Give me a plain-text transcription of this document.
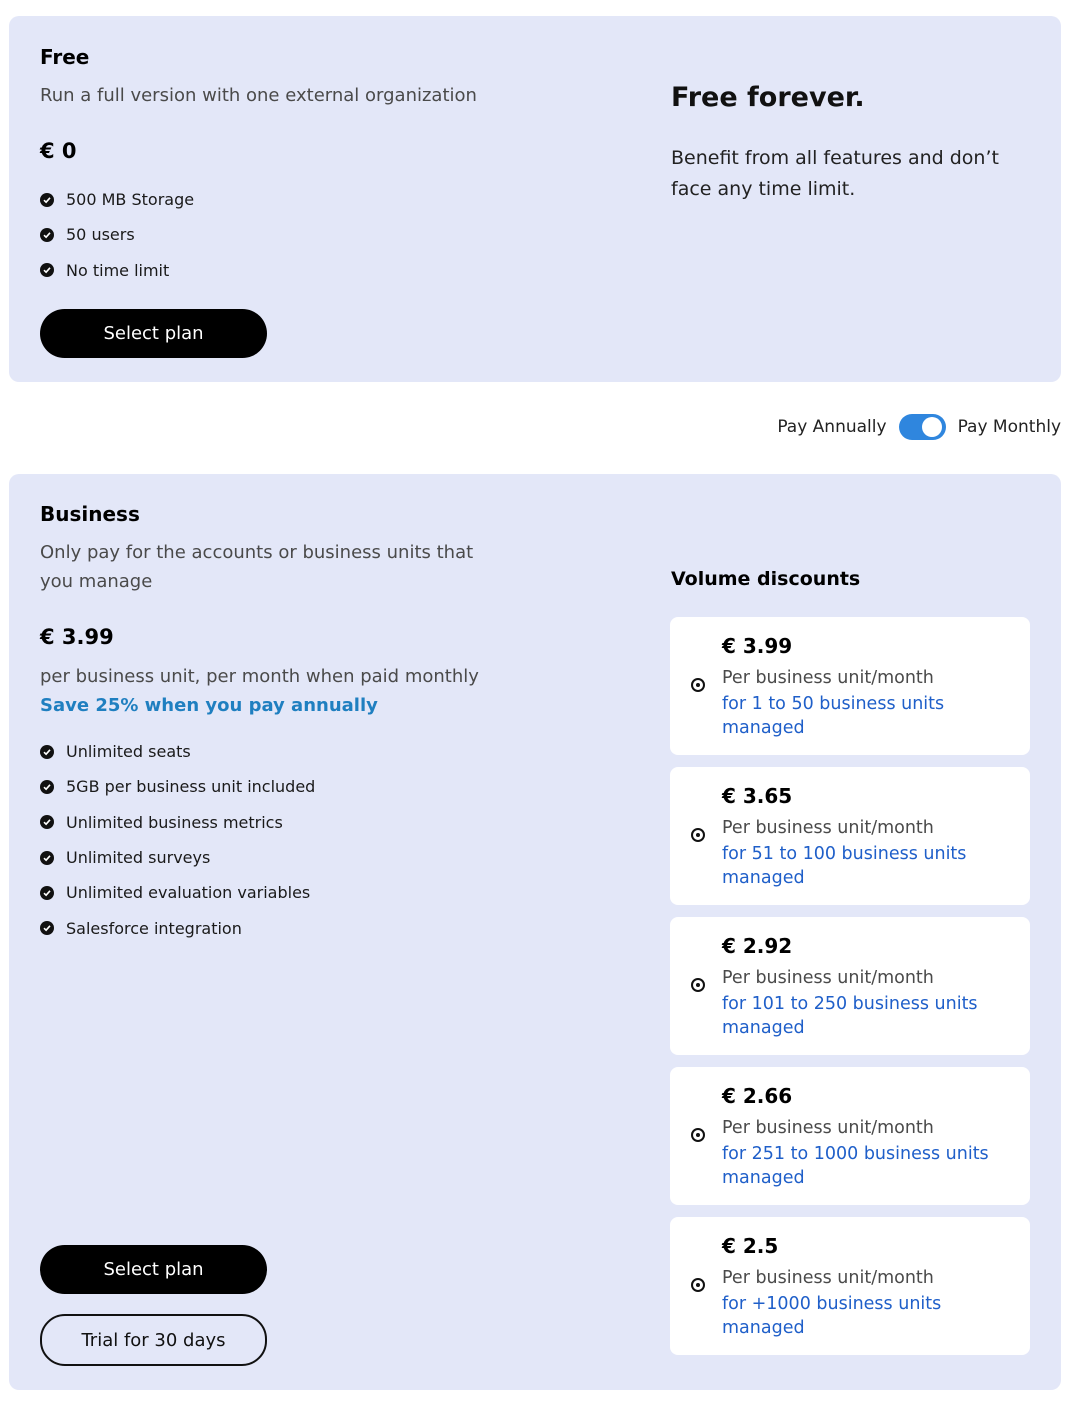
Free
Run a full version with one external organization
€ 0
500 MB Storage
50 users
No time limit
Select plan
Free forever.
Benefit from all features and don’t face any time limit.
Pay Annually	Pay Monthly
Business
Only pay for the accounts or business units that you manage
€ 3.99
per business unit, per month when paid monthly
Save 25% when you pay annually
Unlimited seats
5GB per business unit included
Unlimited business metrics
Unlimited surveys
Unlimited evaluation variables
Salesforce integration
Select plan
Trial for 30 days
Volume discounts
€ 3.99
Per business unit/month
for 1 to 50 business units managed
€ 3.65
Per business unit/month
for 51 to 100 business units managed
€ 2.92
Per business unit/month
for 101 to 250 business units managed
€ 2.66
Per business unit/month
for 251 to 1000 business units managed
€ 2.5
Per business unit/month
for +1000 business units managed
